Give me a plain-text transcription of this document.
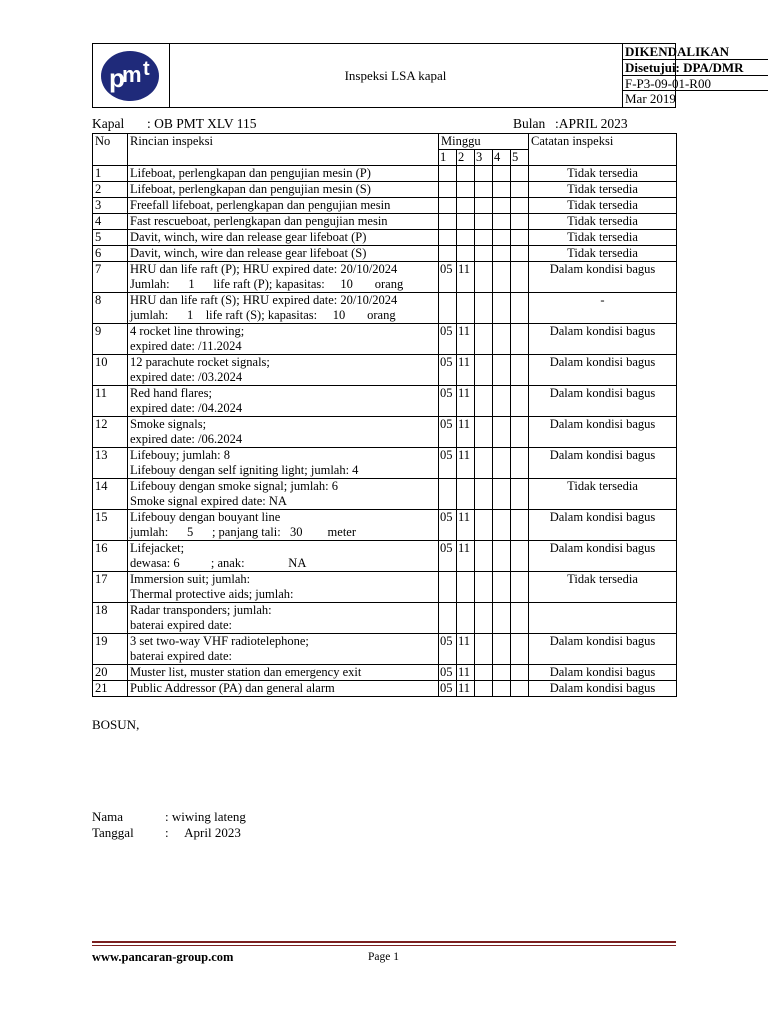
p
m t	Inspeksi LSA kapal
DIKENDALIKAN
Disetujui: DPA/DMR
F-P3-09-01-R00
Mar 2019
Kapal : OB PMT XLV 115	Bulan :APRIL 2023
No	Rincian inspeksi	Minggu					Catatan inspeksi
		1	2	3	4	5	
1	Lifeboat, perlengkapan dan pengujian mesin (P)						Tidak tersedia
2	Lifeboat, perlengkapan dan pengujian mesin (S)						Tidak tersedia
3	Freefall lifeboat, perlengkapan dan pengujian mesin						Tidak tersedia
4	Fast rescueboat, perlengkapan dan pengujian mesin						Tidak tersedia
5	Davit, winch, wire dan release gear lifeboat (P)						Tidak tersedia
6	Davit, winch, wire dan release gear lifeboat (S)						Tidak tersedia
7	HRU dan life raft (P); HRU expired date: 20/10/2024
Jumlah:      1      life raft (P); kapasitas:     10       orang	05	11				Dalam kondisi bagus
8	HRU dan life raft (S); HRU expired date: 20/10/2024
jumlah:      1    life raft (S); kapasitas:     10       orang						-
9	4 rocket line throwing;
expired date: /11.2024	05	11				Dalam kondisi bagus
10	12 parachute rocket signals;
expired date: /03.2024	05	11				Dalam kondisi bagus
11	Red hand flares;
expired date: /04.2024	05	11				Dalam kondisi bagus
12	Smoke signals;
expired date: /06.2024	05	11				Dalam kondisi bagus
13	Lifebouy; jumlah: 8
Lifebouy dengan self igniting light; jumlah: 4	05	11				Dalam kondisi bagus
14	Lifebouy dengan smoke signal; jumlah: 6
Smoke signal expired date: NA						Tidak tersedia
15	Lifebouy dengan bouyant line
jumlah:      5      ; panjang tali:   30        meter	05	11				Dalam kondisi bagus
16	Lifejacket;
dewasa: 6          ; anak:              NA	05	11				Dalam kondisi bagus
17	Immersion suit; jumlah:
Thermal protective aids; jumlah:						Tidak tersedia
18	Radar transponders; jumlah:
baterai expired date:						

19	3 set two-way VHF radiotelephone;
baterai expired date:	05	11				Dalam kondisi bagus
20	Muster list, muster station dan emergency exit	05	11				Dalam kondisi bagus
21	Public Addressor (PA) dan general alarm	05	11				Dalam kondisi bagus
BOSUN,
Nama	: wiwing lateng
Tanggal :     April 2023
www.pancaran-group.com	Page 1
